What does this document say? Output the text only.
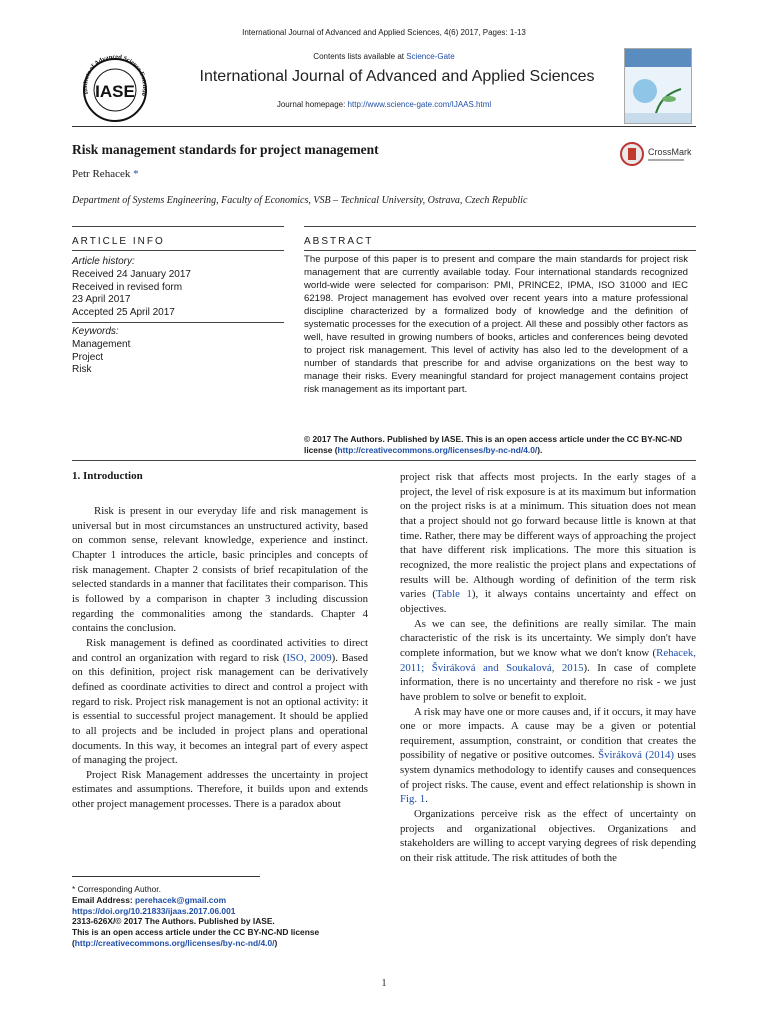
International Journal of Advanced and Applied Sciences, 4(6) 2017, Pages: 1-13
Institute of Advanced Science Extensio
IASE
Contents lists available at Science-Gate
International Journal of Advanced and Applied Sciences
Journal homepage: http://www.science-gate.com/IJAAS.html
Risk management standards for project management	CrossMark
Petr Rehacek *
Department of Systems Engineering, Faculty of Economics, VSB – Technical University, Ostrava, Czech Republic
ARTICLE INFO	ABSTRACT
Article history:
Received 24 January 2017
Received in revised form
23 April 2017
Accepted 25 April 2017
Keywords:
Management
Project
Risk
The purpose of this paper is to present and compare the main standards for project risk management that are currently available today. Four international standards recognized world-wide were selected for comparison: PMI, PRINCE2, IPMA, ISO 31000 and IEC 62198. Project management has evolved over recent years into a mature professional discipline characterized by a formalized body of knowledge and the definition of systematic processes for the execution of a project. All these and possibly other factors as well, have resulted in growing numbers of books, articles and conferences being devoted to project risk management. This level of activity has also led to the development of a number of standards that prescribe for and advise organizations on the best way to manage their risks. Every meaningful standard for project management contains project risk management as its important part.
© 2017 The Authors. Published by IASE. This is an open access article under the CC BY-NC-ND license (http://creativecommons.org/licenses/by-nc-nd/4.0/).
1. Introduction

Risk is present in our everyday life and risk management is universal but in most circumstances an unstructured activity, based on common sense, relevant knowledge, experience and instinct. Chapter 1 introduces the article, basic principles and concepts of risk management. Chapter 2 consists of brief recapitulation of the selected standards in a manner that facilitates their comparison. This is followed by a comparison in chapter 3 including discussion regarding the commonalities among the standards. Chapter 4 contains the conclusion.

Risk management is defined as coordinated activities to direct and control an organization with regard to risk (ISO, 2009). Based on this definition, project risk management can be derivatively defined as coordinate activities to direct and control a project with regard to risk. Project risk management is not an optional activity: it is essential to successful project management. It should be applied to all projects and be included in project plans and operational documents. In this way, it becomes an integral part of every aspect of managing the project.

Project Risk Management addresses the uncertainty in project estimates and assumptions. Therefore, it builds upon and extends other project management processes. There is a paradox about

project risk that affects most projects. In the early stages of a project, the level of risk exposure is at its maximum but information on the project risks is at a minimum. This situation does not mean that a project should not go forward because little is known at that time. Rather, there may be different ways of approaching the project that have different risk implications. The more this situation is recognized, the more realistic the project plans and expectations of results will be. Although wording of definition of the term risk varies (Table 1), it always contains uncertainty and effect on objectives.

As we can see, the definitions are really similar. The main characteristic of the risk is its uncertainty. We simply don't have complete information, but we know what we don't know (Rehacek, 2011; Šviráková and Soukalová, 2015). In case of complete information, there is no uncertainty and therefore no risk - we just have problem to solve or benefit to exploit.

A risk may have one or more causes and, if it occurs, it may have one or more impacts. A cause may be a given or potential requirement, assumption, constraint, or condition that creates the possibility of negative or positive outcomes. Šviráková (2014) uses system dynamics methodology to identify causes and consequences of project risks. The cause, event and effect relationship is shown in Fig. 1.

Organizations perceive risk as the effect of uncertainty on projects and organizational objectives. Organizations and stakeholders are willing to accept varying degrees of risk depending on their risk attitude. The risk attitudes of both the

* Corresponding Author.
Email Address: perehacek@gmail.com
https://doi.org/10.21833/ijaas.2017.06.001
2313-626X/© 2017 The Authors. Published by IASE.
This is an open access article under the CC BY-NC-ND license
(http://creativecommons.org/licenses/by-nc-nd/4.0/)
1
